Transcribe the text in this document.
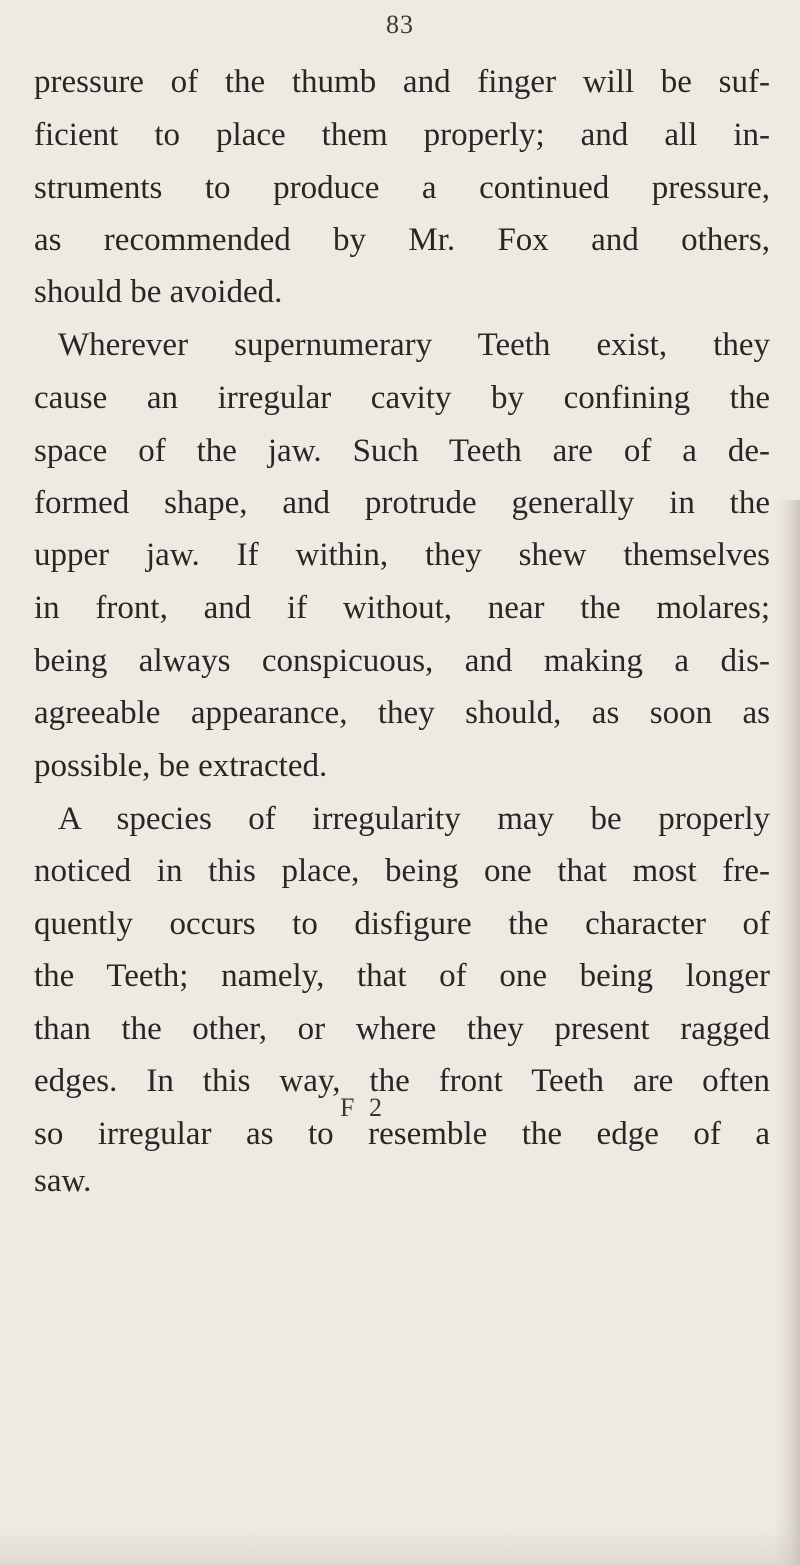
83
pressure of the thumb and finger will be suf-
ficient to place them properly; and all in-
struments to produce a continued pressure,
as recommended by Mr. Fox and others,
should be avoided.
Wherever supernumerary Teeth exist, they
cause an irregular cavity by confining the
space of the jaw. Such Teeth are of a de-
formed shape, and protrude generally in the
upper jaw. If within, they shew themselves
in front, and if without, near the molares;
being always conspicuous, and making a dis-
agreeable appearance, they should, as soon as
possible, be extracted.
A species of irregularity may be properly
noticed in this place, being one that most fre-
quently occurs to disfigure the character of
the Teeth; namely, that of one being longer
than the other, or where they present ragged
edges. In this way, the front Teeth are often
so irregular as to resemble the edge of a
saw.
F 2
